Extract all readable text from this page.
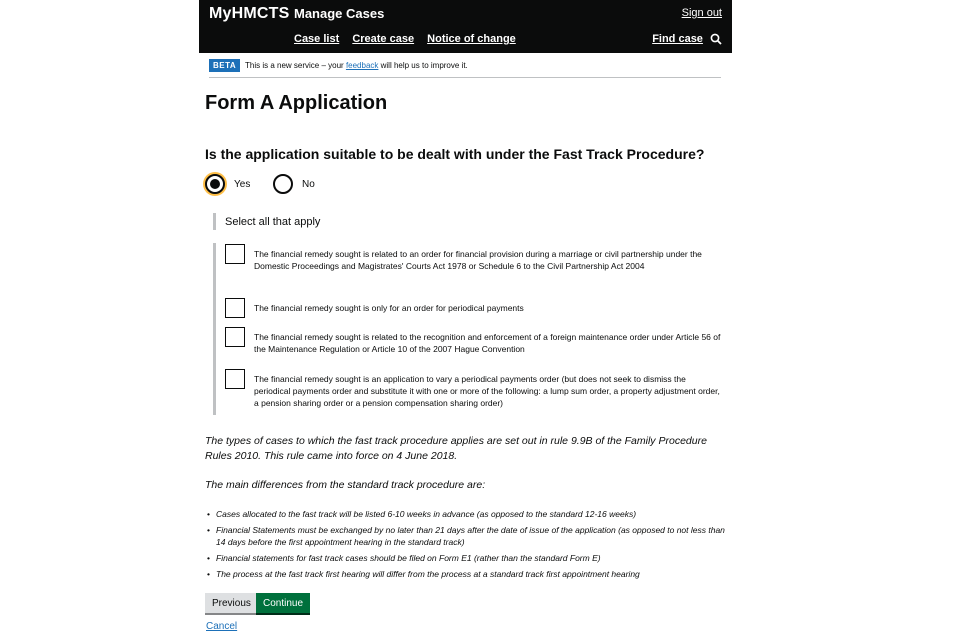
MyHMCTS Manage Cases	Sign out
Case list Create case Notice of change	Find case
BETA	This is a new service – your feedback will help us to improve it.
Form A Application
Is the application suitable to be dealt with under the Fast Track Procedure?
Yes	No
Select all that apply
The financial remedy sought is related to an order for financial provision during a marriage or civil partnership under the Domestic Proceedings and Magistrates' Courts Act 1978 or Schedule 6 to the Civil Partnership Act 2004
The financial remedy sought is only for an order for periodical payments
The financial remedy sought is related to the recognition and enforcement of a foreign maintenance order under Article 56 of the Maintenance Regulation or Article 10 of the 2007 Hague Convention
The financial remedy sought is an application to vary a periodical payments order (but does not seek to dismiss the periodical payments order and substitute it with one or more of the following: a lump sum order, a property adjustment order, a pension sharing order or a pension compensation sharing order)

The types of cases to which the fast track procedure applies are set out in rule 9.9B of the Family Procedure Rules 2010. This rule came into force on 4 June 2018.

The main differences from the standard track procedure are:

• Cases allocated to the fast track will be listed 6-10 weeks in advance (as opposed to the standard 12-16 weeks)
• Financial Statements must be exchanged by no later than 21 days after the date of issue of the application (as opposed to not less than 14 days before the first appointment hearing in the standard track)
• Financial statements for fast track cases should be filed on Form E1 (rather than the standard Form E)
• The process at the fast track first hearing will differ from the process at a standard track first appointment hearing
Previous	Continue
Cancel
